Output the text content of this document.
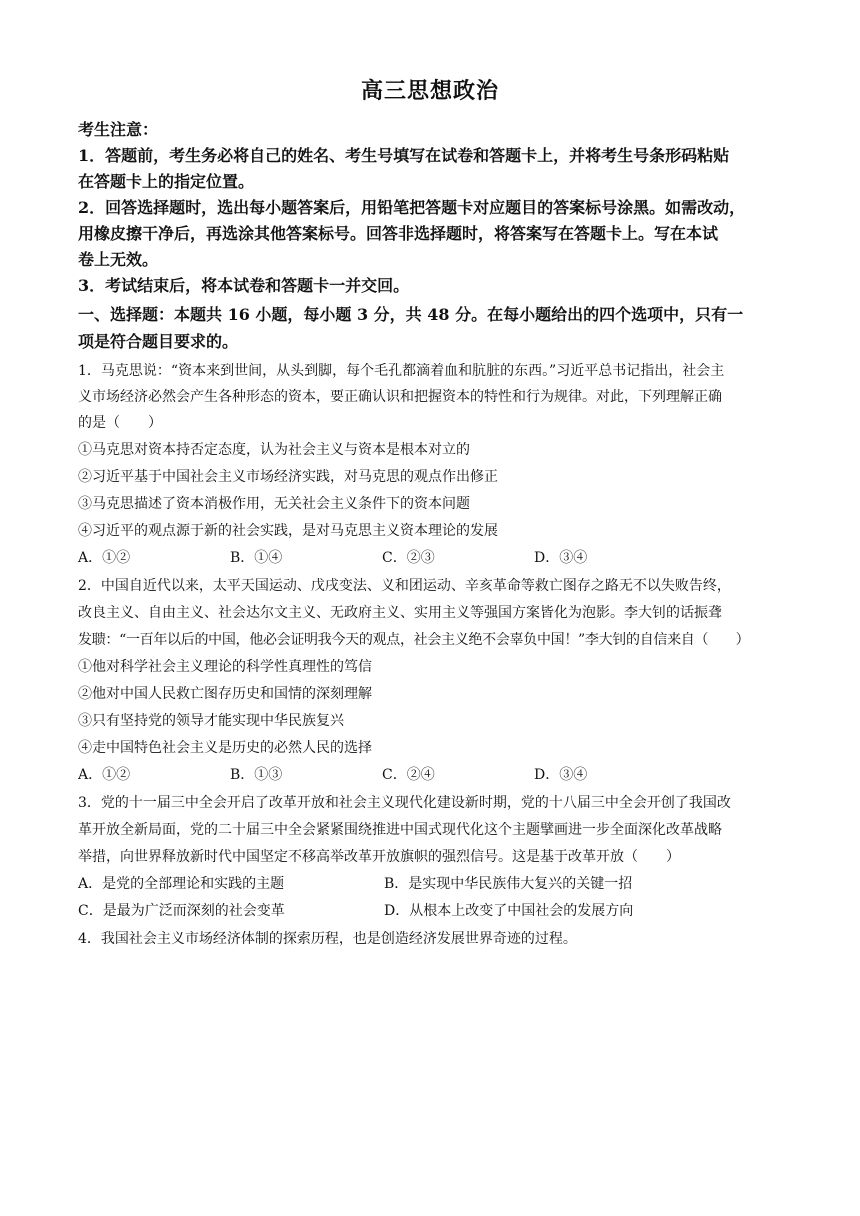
高三思想政治
考生注意：
1．答题前，考生务必将自己的姓名、考生号填写在试卷和答题卡上，并将考生号条形码粘贴
在答题卡上的指定位置。
2．回答选择题时，选出每小题答案后，用铅笔把答题卡对应题目的答案标号涂黑。如需改动，
用橡皮擦干净后，再选涂其他答案标号。回答非选择题时，将答案写在答题卡上。写在本试
卷上无效。
3．考试结束后，将本试卷和答题卡一并交回。
一、选择题：本题共 16 小题，每小题 3 分，共 48 分。在每小题给出的四个选项中，只有一
项是符合题目要求的。
1．马克思说：“资本来到世间，从头到脚，每个毛孔都滴着血和肮脏的东西。”习近平总书记指出，社会主
义市场经济必然会产生各种形态的资本，要正确认识和把握资本的特性和行为规律。对此，下列理解正确
的是（　　）
①马克思对资本持否定态度，认为社会主义与资本是根本对立的
②习近平基于中国社会主义市场经济实践，对马克思的观点作出修正
③马克思描述了资本消极作用，无关社会主义条件下的资本问题
④习近平的观点源于新的社会实践，是对马克思主义资本理论的发展
A．①②	B．①④	C．②③	D．③④
2．中国自近代以来，太平天国运动、戊戌变法、义和团运动、辛亥革命等救亡图存之路无不以失败告终，
改良主义、自由主义、社会达尔文主义、无政府主义、实用主义等强国方案皆化为泡影。李大钊的话振聋
发聩：“一百年以后的中国，他必会证明我今天的观点，社会主义绝不会辜负中国！”李大钊的自信来自（　　）
①他对科学社会主义理论的科学性真理性的笃信
②他对中国人民救亡图存历史和国情的深刻理解
③只有坚持党的领导才能实现中华民族复兴
④走中国特色社会主义是历史的必然人民的选择
A．①②	B．①③	C．②④	D．③④
3．党的十一届三中全会开启了改革开放和社会主义现代化建设新时期，党的十八届三中全会开创了我国改
革开放全新局面，党的二十届三中全会紧紧围绕推进中国式现代化这个主题擘画进一步全面深化改革战略
举措，向世界释放新时代中国坚定不移高举改革开放旗帜的强烈信号。这是基于改革开放（　　）
A．是党的全部理论和实践的主题	B．是实现中华民族伟大复兴的关键一招
C．是最为广泛而深刻的社会变革	D．从根本上改变了中国社会的发展方向
4．我国社会主义市场经济体制的探索历程，也是创造经济发展世界奇迹的过程。
